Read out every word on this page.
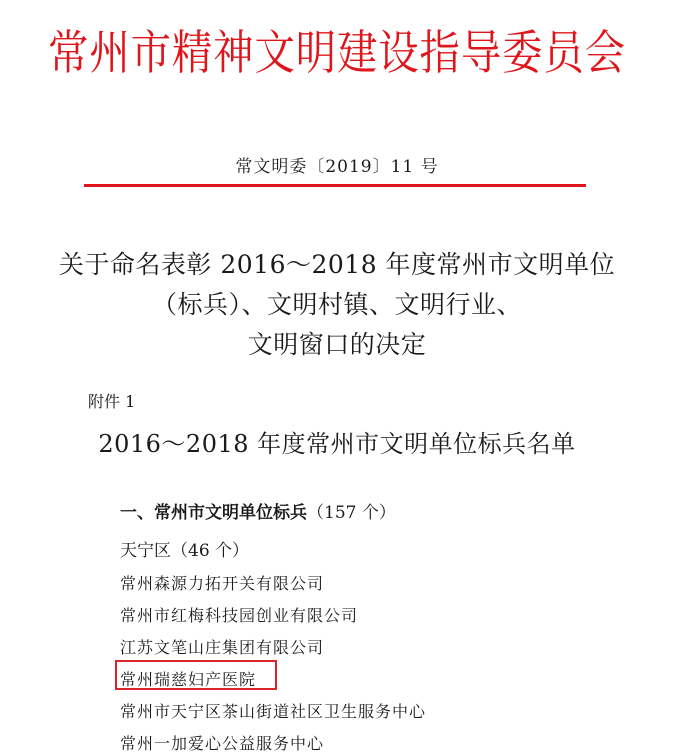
常州市精神文明建设指导委员会
常文明委〔2019〕11 号
关于命名表彰 2016～2018 年度常州市文明单位
（标兵）、文明村镇、文明行业、
文明窗口的决定
附件 1
2016～2018 年度常州市文明单位标兵名单
一、常州市文明单位标兵（157 个）
天宁区（46 个）
常州森源力拓开关有限公司
常州市红梅科技园创业有限公司
江苏文笔山庄集团有限公司
常州瑞慈妇产医院
常州市天宁区茶山街道社区卫生服务中心
常州一加爱心公益服务中心
